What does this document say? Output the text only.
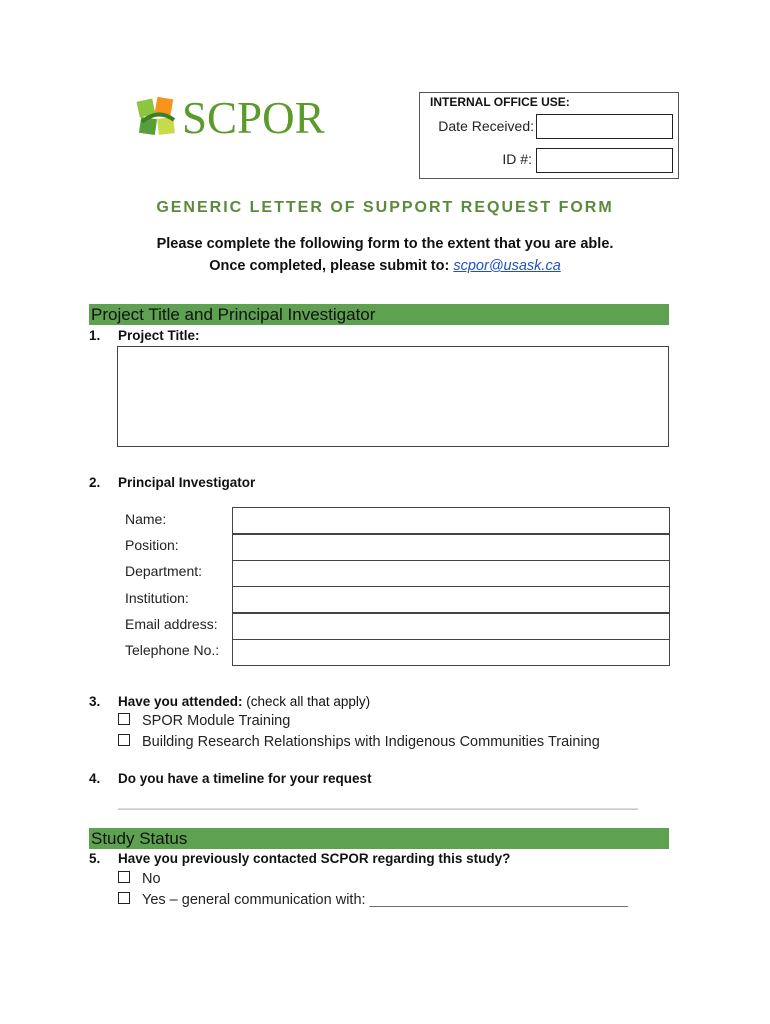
SCPOR	INTERNAL OFFICE USE:
Date Received:
ID #:
GENERIC LETTER OF SUPPORT REQUEST FORM
Please complete the following form to the extent that you are able.
Once completed, please submit to: scpor@usask.ca
Project Title and Principal Investigator
1. Project Title:
2. Principal Investigator
Name:
Position:
Department:
Institution:
Email address:
Telephone No.:
3. Have you attended: (check all that apply)
SPOR Module Training
Building Research Relationships with Indigenous Communities Training
4. Do you have a timeline for your request
______________________________________________________________________
Study Status
5. Have you previously contacted SCPOR regarding this study?
No
Yes – general communication with: ________________________________
